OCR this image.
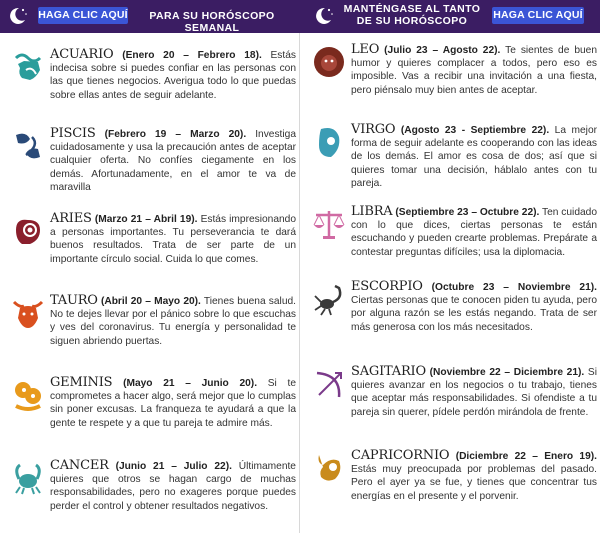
HAGA CLIC AQUÍ	PARA SU HORÓSCOPO SEMANAL
MANTÉNGASE AL TANTO
DE SU HORÓSCOPO	HAGA CLIC AQUÍ
ACUARIO (Enero 20 – Febrero 18). Estás indecisa sobre si puedes confiar en las personas con las que tienes negocios. Averigua todo lo que puedas sobre ellas antes de seguir adelante.
PISCIS (Febrero 19 – Marzo 20). Investiga cuidadosamente y usa la precaución antes de aceptar cualquier oferta. No confíes ciegamente en los demás. Afortunadamente, en el amor te va de maravilla
ARIES (Marzo 21 – Abril 19). Estás impresionando a personas importantes. Tu perseverancia te dará buenos resultados. Trata de ser parte de un importante círculo social. Cuida lo que comes.
TAURO (Abril 20 – Mayo 20). Tienes buena salud. No te dejes llevar por el pánico sobre lo que escuchas y ves del coronavirus. Tu energía y personalidad te siguen abriendo puertas.
GEMINIS (Mayo 21 – Junio 20). Si te comprometes a hacer algo, será mejor que lo cumplas sin poner excusas. La franqueza te ayudará a que la gente te respete y a que tu pareja te admire más.
CANCER (Junio 21 – Julio 22). Últimamente quieres que otros se hagan cargo de muchas responsabilidades, pero no exageres porque puedes perder el control y obtener resultados negativos.
LEO (Julio 23 – Agosto 22). Te sientes de buen humor y quieres complacer a todos, pero eso es imposible. Vas a recibir una invitación a una fiesta, pero piénsalo muy bien antes de aceptar.
VIRGO (Agosto 23 - Septiembre 22). La mejor forma de seguir adelante es cooperando con las ideas de los demás. El amor es cosa de dos; así que si quieres tomar una decisión, háblalo antes con tu pareja.
LIBRA (Septiembre 23 – Octubre 22). Ten cuidado con lo que dices, ciertas personas te están escuchando y pueden crearte problemas. Prepárate a contestar preguntas difíciles; usa la diplomacia.
ESCORPIO (Octubre 23 – Noviembre 21). Ciertas personas que te conocen piden tu ayuda, pero por alguna razón se les estás negando. Trata de ser más generosa con los más necesitados.
SAGITARIO (Noviembre 22 – Diciembre 21). Si quieres avanzar en los negocios o tu trabajo, tienes que aceptar más responsabilidades. Si ofendiste a tu pareja sin querer, pídele perdón mirándola de frente.
CAPRICORNIO (Diciembre 22 – Enero 19). Estás muy preocupada por problemas del pasado. Pero el ayer ya se fue, y tienes que concentrar tus energías en el presente y el porvenir.
